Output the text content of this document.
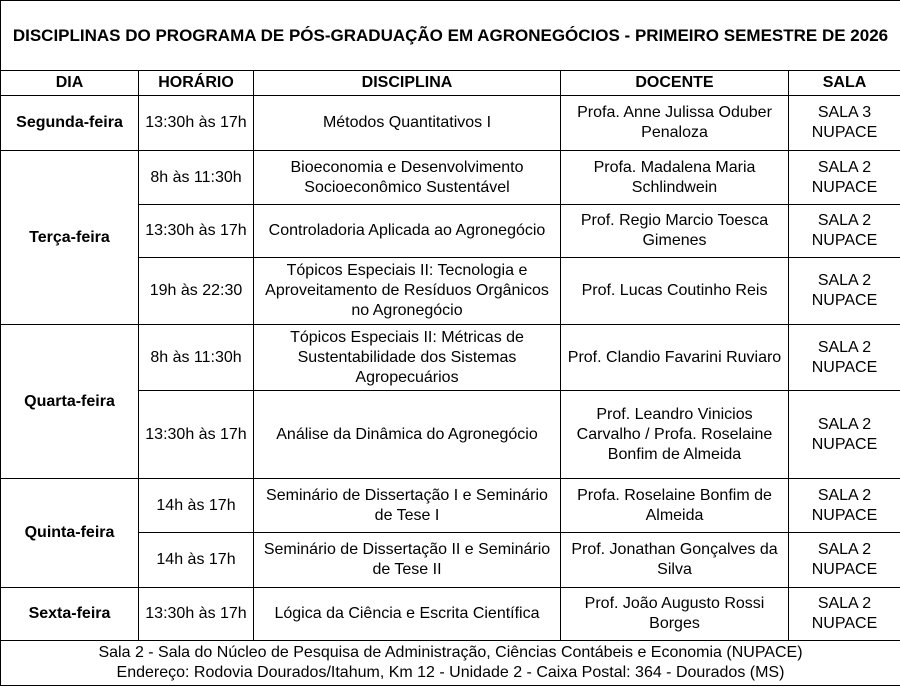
DISCIPLINAS DO PROGRAMA DE PÓS-GRADUAÇÃO EM AGRONEGÓCIOS - PRIMEIRO SEMESTRE DE 2026				
DIA	HORÁRIO	DISCIPLINA	DOCENTE	SALA
Segunda-feira	13:30h às 17h	Métodos Quantitativos I	Profa. Anne Julissa Oduber Penaloza	SALA 3 NUPACE
Terça-feira	8h às 11:30h	Bioeconomia e Desenvolvimento Socioeconômico Sustentável	Profa. Madalena Maria Schlindwein	SALA 2 NUPACE
	13:30h às 17h	Controladoria Aplicada ao Agronegócio	Prof. Regio Marcio Toesca Gimenes	SALA 2 NUPACE
	19h às 22:30	Tópicos Especiais II: Tecnologia e Aproveitamento de Resíduos Orgânicos no Agronegócio	Prof. Lucas Coutinho Reis	SALA 2 NUPACE
Quarta-feira	8h às 11:30h	Tópicos Especiais II: Métricas de Sustentabilidade dos Sistemas Agropecuários	Prof. Clandio Favarini Ruviaro	SALA 2 NUPACE
	13:30h às 17h	Análise da Dinâmica do Agronegócio	Prof. Leandro Vinicios Carvalho / Profa. Roselaine Bonfim de Almeida	SALA 2 NUPACE
Quinta-feira	14h às 17h	Seminário de Dissertação I e Seminário de Tese I	Profa. Roselaine Bonfim de Almeida	SALA 2 NUPACE
	14h às 17h	Seminário de Dissertação II e Seminário de Tese II	Prof. Jonathan Gonçalves da Silva	SALA 2 NUPACE
Sexta-feira	13:30h às 17h	Lógica da Ciência e Escrita Científica	Prof. João Augusto Rossi Borges	SALA 2 NUPACE

Sala 2 - Sala do Núcleo de Pesquisa de Administração, Ciências Contábeis e Economia (NUPACE)
Endereço: Rodovia Dourados/Itahum, Km 12 - Unidade 2 - Caixa Postal: 364 - Dourados (MS)				
